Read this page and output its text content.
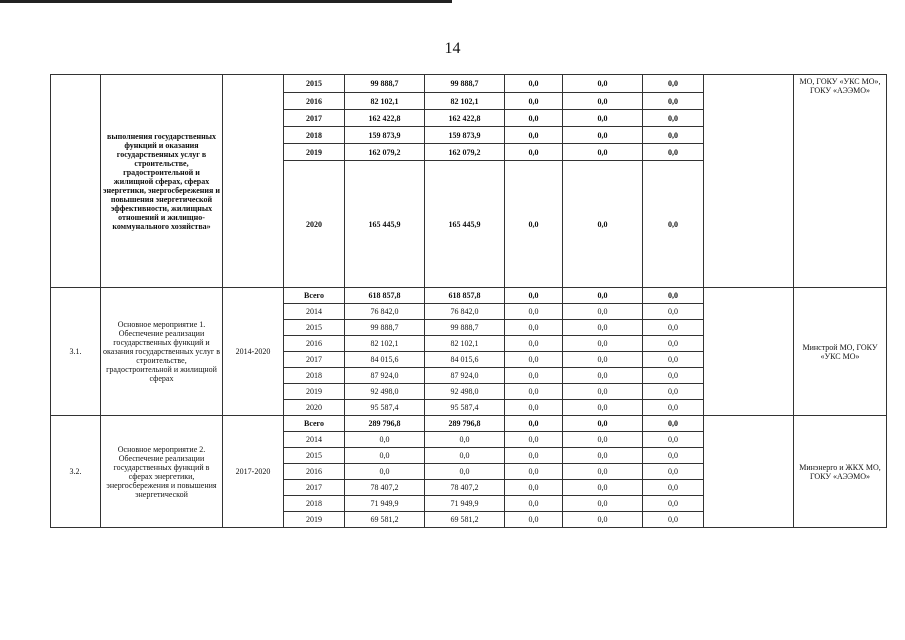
14
	выполнения государственных функций и оказания государственных услуг в строительстве, градостроительной и жилищной сферах, сферах энергетики, энергосбережения и повышения энергетической эффективности, жилищных отношений и жилищно-коммунального хозяйства»		2015	99 888,7	99 888,7	0,0	0,0	0,0		МО, ГОКУ «УКС МО», ГОКУ «АЭЭМО»
			2016	82 102,1	82 102,1	0,0	0,0	0,0		
			2017	162 422,8	162 422,8	0,0	0,0	0,0		
			2018	159 873,9	159 873,9	0,0	0,0	0,0		
			2019	162 079,2	162 079,2	0,0	0,0	0,0		
			2020	165 445,9	165 445,9	0,0	0,0	0,0		
3.1.	Основное мероприятие 1. Обеспечение реализации государственных функций и оказания государственных услуг в строительстве, градостроительной и жилищной сферах	2014-2020	Всего	618 857,8	618 857,8	0,0	0,0	0,0		Минстрой МО, ГОКУ «УКС МО»
			2014	76 842,0	76 842,0	0,0	0,0	0,0		
			2015	99 888,7	99 888,7	0,0	0,0	0,0		
			2016	82 102,1	82 102,1	0,0	0,0	0,0		
			2017	84 015,6	84 015,6	0,0	0,0	0,0		
			2018	87 924,0	87 924,0	0,0	0,0	0,0		
			2019	92 498,0	92 498,0	0,0	0,0	0,0		
			2020	95 587,4	95 587,4	0,0	0,0	0,0		
3.2.	Основное мероприятие 2. Обеспечение реализации государственных функций в сферах энергетики, энергосбережения и повышения энергетической	2017-2020	Всего	289 796,8	289 796,8	0,0	0,0	0,0		Минэнерго и ЖКХ МО, ГОКУ «АЭЭМО»
			2014	0,0	0,0	0,0	0,0	0,0		
			2015	0,0	0,0	0,0	0,0	0,0		
			2016	0,0	0,0	0,0	0,0	0,0		
			2017	78 407,2	78 407,2	0,0	0,0	0,0		
			2018	71 949,9	71 949,9	0,0	0,0	0,0		
			2019	69 581,2	69 581,2	0,0	0,0	0,0		
